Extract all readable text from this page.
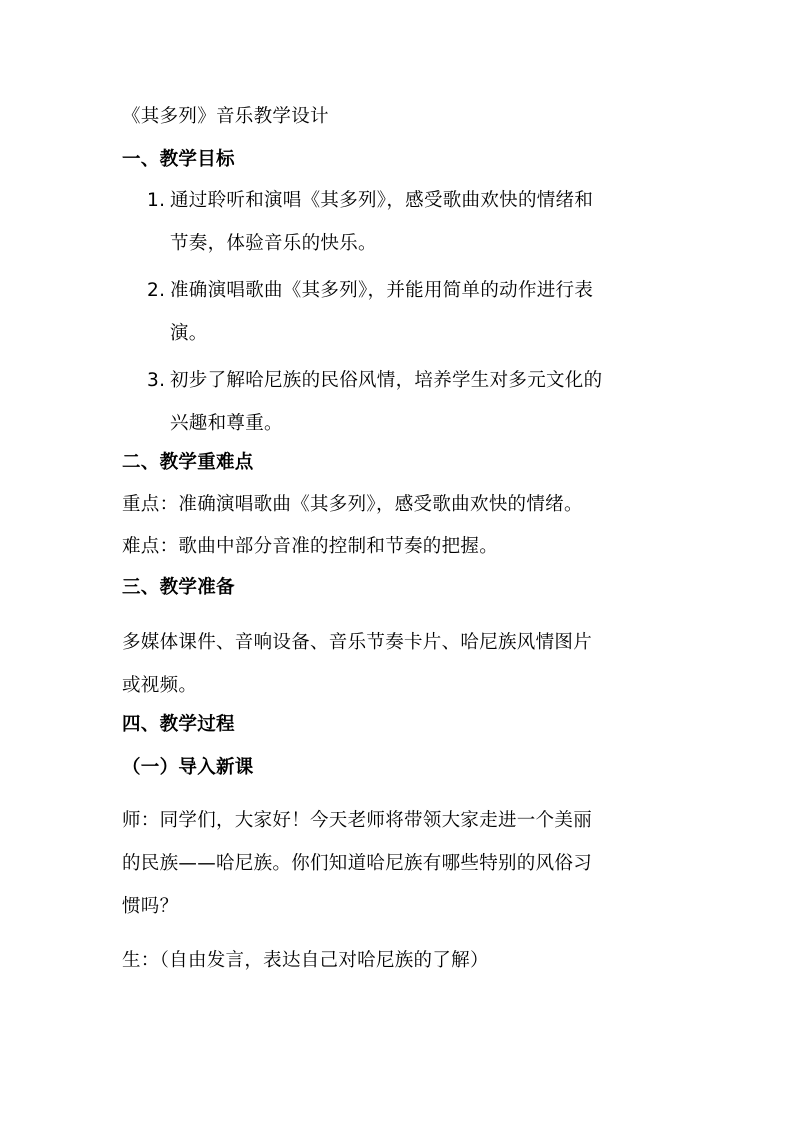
《其多列》音乐教学设计
一、教学目标
1. 通过聆听和演唱《其多列》，感受歌曲欢快的情绪和
节奏，体验音乐的快乐。
2. 准确演唱歌曲《其多列》，并能用简单的动作进行表
演。
3. 初步了解哈尼族的民俗风情，培养学生对多元文化的
兴趣和尊重。
二、教学重难点
重点：准确演唱歌曲《其多列》，感受歌曲欢快的情绪。
难点：歌曲中部分音准的控制和节奏的把握。
三、教学准备
多媒体课件、音响设备、音乐节奏卡片、哈尼族风情图片
或视频。
四、教学过程
（一）导入新课
师：同学们，大家好！今天老师将带领大家走进一个美丽
的民族——哈尼族。你们知道哈尼族有哪些特别的风俗习
惯吗？
生：（自由发言，表达自己对哈尼族的了解）
